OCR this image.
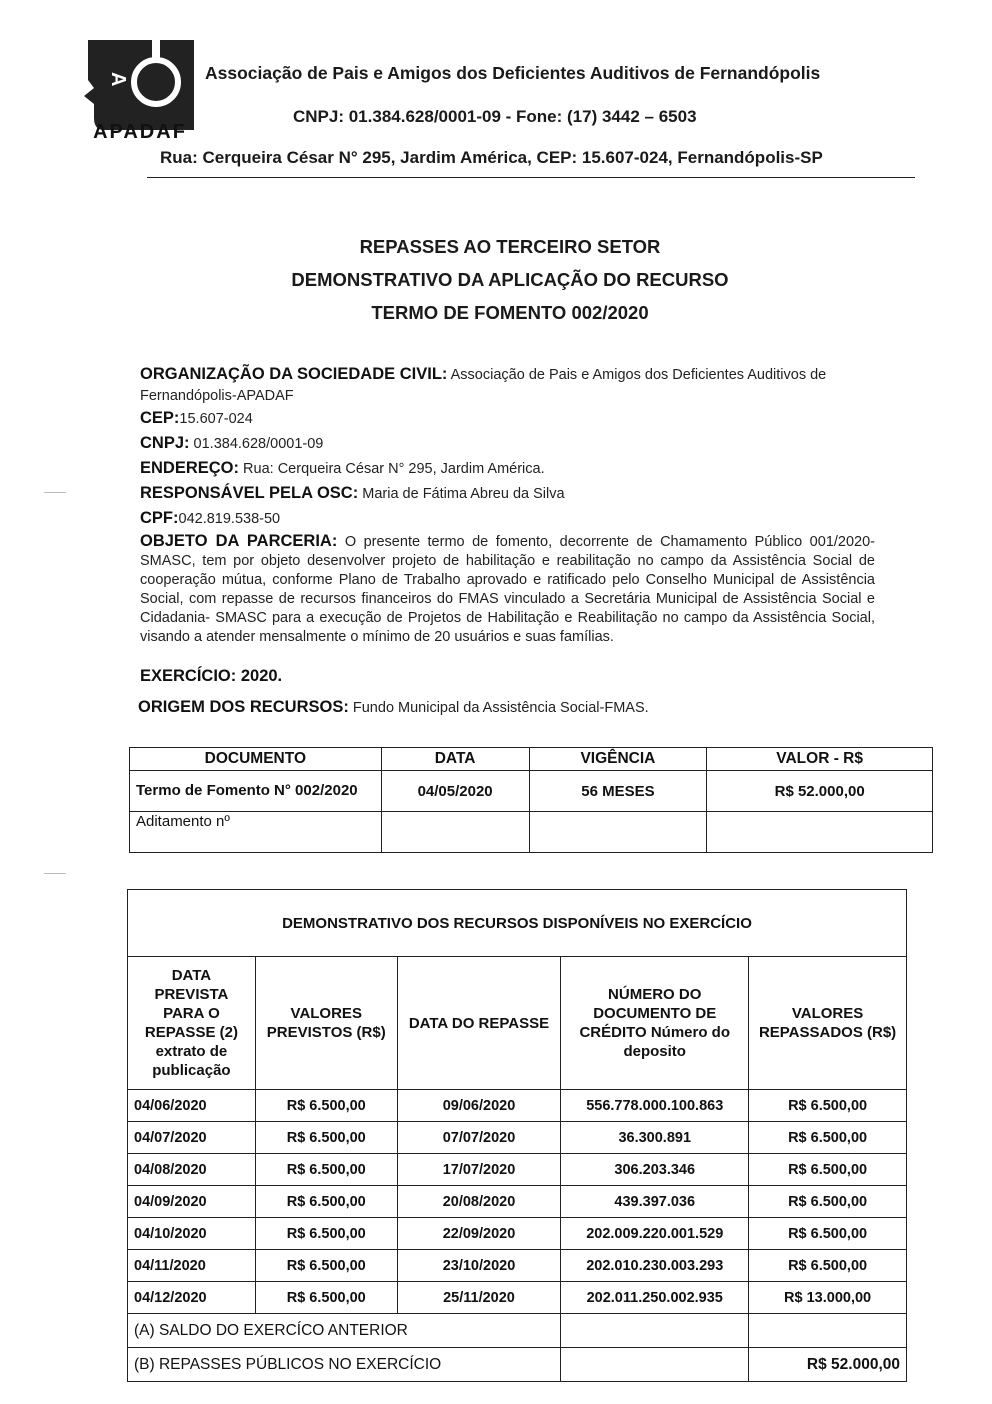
A
APADAF
Associação de Pais e Amigos dos Deficientes Auditivos de Fernandópolis
CNPJ: 01.384.628/0001-09 - Fone: (17) 3442 – 6503
Rua: Cerqueira César N° 295, Jardim América, CEP: 15.607-024, Fernandópolis-SP
REPASSES AO TERCEIRO SETOR
DEMONSTRATIVO DA APLICAÇÃO DO RECURSO
TERMO DE FOMENTO 002/2020
ORGANIZAÇÃO DA SOCIEDADE CIVIL: Associação de Pais e Amigos dos Deficientes Auditivos de Fernandópolis-APADAF
CEP:15.607-024
CNPJ: 01.384.628/0001-09
ENDEREÇO: Rua: Cerqueira César N° 295, Jardim América.
RESPONSÁVEL PELA OSC: Maria de Fátima Abreu da Silva
CPF:042.819.538-50
OBJETO DA PARCERIA: O presente termo de fomento, decorrente de Chamamento Público 001/2020-SMASC, tem por objeto desenvolver projeto de habilitação e reabilitação no campo da Assistência Social de cooperação mútua, conforme Plano de Trabalho aprovado e ratificado pelo Conselho Municipal de Assistência Social, com repasse de recursos financeiros do FMAS vinculado a Secretária Municipal de Assistência Social e Cidadania- SMASC para a execução de Projetos de Habilitação e Reabilitação no campo da Assistência Social, visando a atender mensalmente o mínimo de 20 usuários e suas famílias.
EXERCÍCIO: 2020.
ORIGEM DOS RECURSOS: Fundo Municipal da Assistência Social-FMAS.
DOCUMENTO	DATA	VIGÊNCIA	VALOR - R$
Termo de Fomento N° 002/2020	04/05/2020	56 MESES	R$ 52.000,00
Aditamento nº			
DEMONSTRATIVO DOS RECURSOS DISPONÍVEIS NO EXERCÍCIO				
DATA PREVISTA PARA O REPASSE (2) extrato de publicação	VALORES PREVISTOS (R$)	DATA DO REPASSE	NÚMERO DO DOCUMENTO DE CRÉDITO Número do deposito	VALORES REPASSADOS (R$)
04/06/2020	R$ 6.500,00	09/06/2020	556.778.000.100.863	R$ 6.500,00
04/07/2020	R$ 6.500,00	07/07/2020	36.300.891	R$ 6.500,00
04/08/2020	R$ 6.500,00	17/07/2020	306.203.346	R$ 6.500,00
04/09/2020	R$ 6.500,00	20/08/2020	439.397.036	R$ 6.500,00
04/10/2020	R$ 6.500,00	22/09/2020	202.009.220.001.529	R$ 6.500,00
04/11/2020	R$ 6.500,00	23/10/2020	202.010.230.003.293	R$ 6.500,00
04/12/2020	R$ 6.500,00	25/11/2020	202.011.250.002.935	R$ 13.000,00
(A) SALDO DO EXERCÍCO ANTERIOR				
(B) REPASSES PÚBLICOS NO EXERCÍCIO				R$ 52.000,00
